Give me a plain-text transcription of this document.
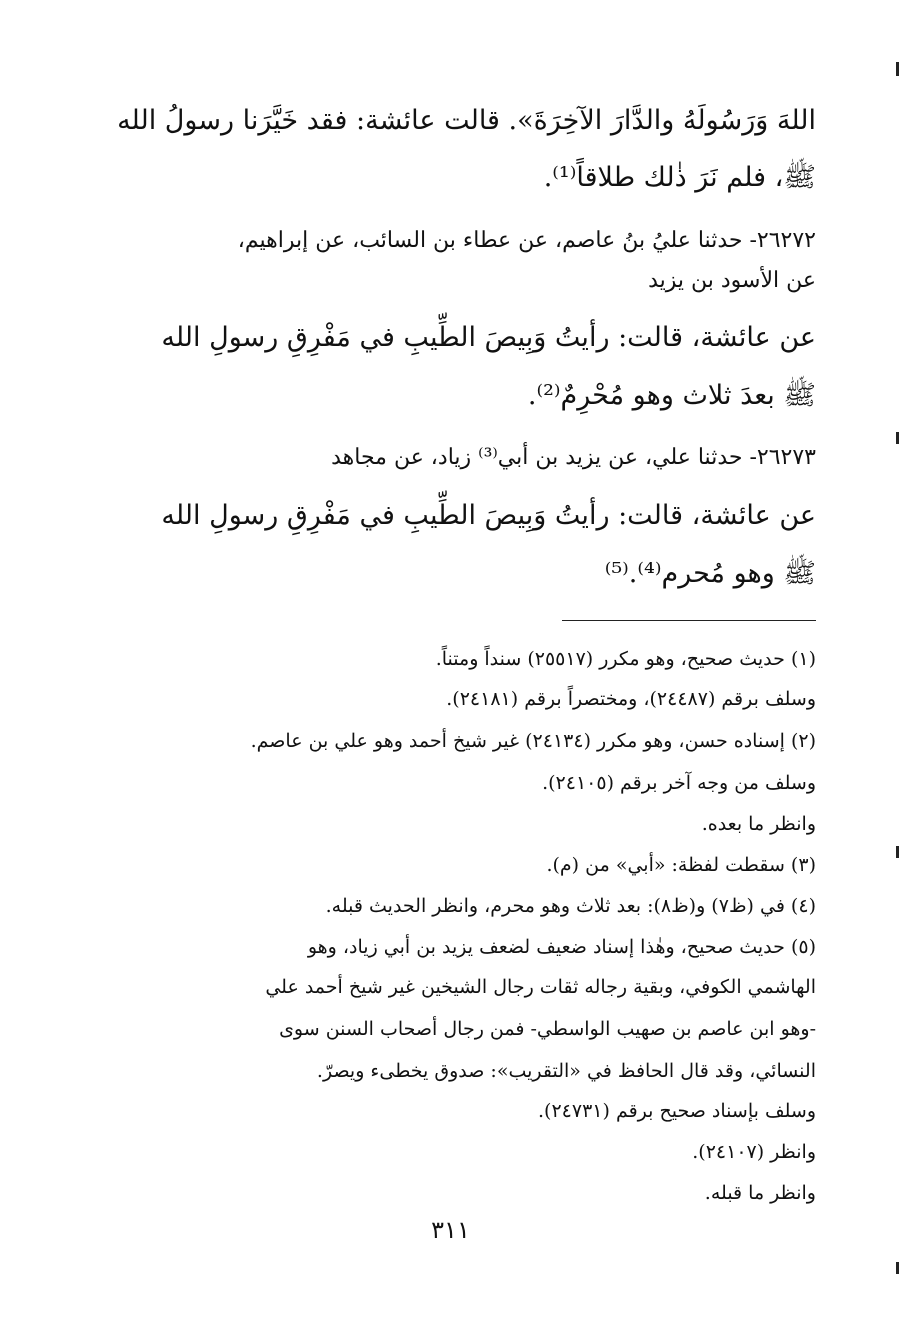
اللهَ وَرَسُولَهُ والدَّارَ الآخِرَةَ». قالت عائشة: فقد خَيَّرَنا رسولُ الله
ﷺ، فلم نَرَ ذٰلك طلاقاً⁽¹⁾.
٢٦٢٧٢- حدثنا عليُ بنُ عاصم، عن عطاء بن السائب، عن إبراهيم،
عن الأسود بن يزيد
عن عائشة، قالت: رأيتُ وَبِيصَ الطِّيبِ في مَفْرِقِ رسولِ الله
ﷺ بعدَ ثلاث وهو مُحْرِمٌ⁽²⁾.
٢٦٢٧٣- حدثنا علي، عن يزيد بن أبي⁽³⁾ زياد، عن مجاهد
عن عائشة، قالت: رأيتُ وَبِيصَ الطِّيبِ في مَفْرِقِ رسولِ الله
ﷺ وهو مُحرم⁽⁴⁾.⁽⁵⁾
(١) حديث صحيح، وهو مكرر (٢٥٥١٧) سنداً ومتناً.
وسلف برقم (٢٤٤٨٧)، ومختصراً برقم (٢٤١٨١).
(٢) إسناده حسن، وهو مكرر (٢٤١٣٤) غير شيخ أحمد وهو علي بن عاصم.
وسلف من وجه آخر برقم (٢٤١٠٥).
وانظر ما بعده.
(٣) سقطت لفظة: «أبي» من (م).
(٤) في (ظ٧) و(ظ٨): بعد ثلاث وهو محرم، وانظر الحديث قبله.
(٥) حديث صحيح، وهٰذا إسناد ضعيف لضعف يزيد بن أبي زياد، وهو
الهاشمي الكوفي، وبقية رجاله ثقات رجال الشيخين غير شيخ أحمد علي
-وهو ابن عاصم بن صهيب الواسطي- فمن رجال أصحاب السنن سوى
النسائي، وقد قال الحافظ في «التقريب»: صدوق يخطىء ويصرّ.
وسلف بإسناد صحيح برقم (٢٤٧٣١).
وانظر (٢٤١٠٧).
وانظر ما قبله.
٣١١
